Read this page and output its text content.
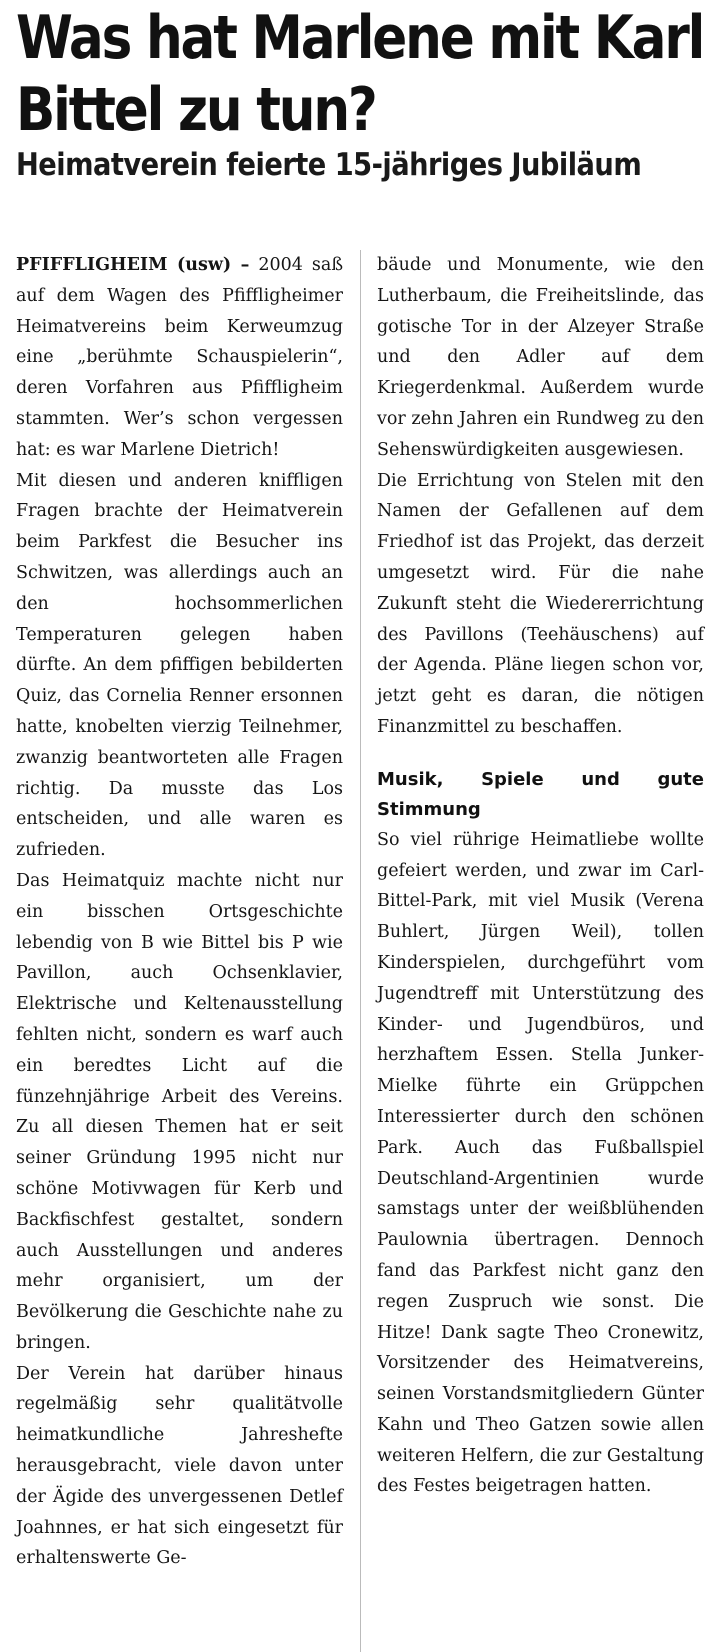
Was hat Marlene mit Karl Bittel zu tun?
Heimatverein feierte 15-jähriges Jubiläum

PFIFFLIGHEIM (usw) – 2004 saß auf dem Wagen des Pfiffligheimer Heimatvereins beim Kerweumzug eine „berühmte Schauspielerin“, deren Vorfahren aus Pfiffligheim stammten. Wer’s schon vergessen hat: es war Marlene Dietrich!

Mit diesen und anderen kniffligen Fragen brachte der Heimatverein beim Parkfest die Besucher ins Schwitzen, was allerdings auch an den hochsommerlichen Temperaturen gelegen haben dürfte. An dem pfiffigen bebilderten Quiz, das Cornelia Renner ersonnen hatte, knobelten vierzig Teilnehmer, zwanzig beantworteten alle Fragen richtig. Da musste das Los entscheiden, und alle waren es zufrieden.

Das Heimatquiz machte nicht nur ein bisschen Ortsgeschichte lebendig von B wie Bittel bis P wie Pavillon, auch Ochsenklavier, Elektrische und Keltenausstellung fehlten nicht, sondern es warf auch ein beredtes Licht auf die fünzehnjährige Arbeit des Vereins. Zu all diesen Themen hat er seit seiner Gründung 1995 nicht nur schöne Motivwagen für Kerb und Backfischfest gestaltet, sondern auch Ausstellungen und anderes mehr organisiert, um der Bevölkerung die Geschichte nahe zu bringen.

Der Verein hat darüber hinaus regelmäßig sehr qualitätvolle heimatkundliche Jahreshefte herausgebracht, viele davon unter der Ägide des unvergessenen Detlef Joahnnes, er hat sich eingesetzt für erhaltenswerte Ge-

bäude und Monumente, wie den Lutherbaum, die Freiheitslinde, das gotische Tor in der Alzeyer Straße und den Adler auf dem Kriegerdenkmal. Außerdem wurde vor zehn Jahren ein Rundweg zu den Sehenswürdigkeiten ausgewiesen.

Die Errichtung von Stelen mit den Namen der Gefallenen auf dem Friedhof ist das Projekt, das derzeit umgesetzt wird. Für die nahe Zukunft steht die Wiedererrichtung des Pavillons (Teehäuschens) auf der Agenda. Pläne liegen schon vor, jetzt geht es daran, die nötigen Finanzmittel zu beschaffen.

Musik, Spiele und gute Stimmung

So viel rührige Heimatliebe wollte gefeiert werden, und zwar im Carl-Bittel-Park, mit viel Musik (Verena Buhlert, Jürgen Weil), tollen Kinderspielen, durchgeführt vom Jugendtreff mit Unterstützung des Kinder- und Jugendbüros, und herzhaftem Essen. Stella Junker-Mielke führte ein Grüppchen Interessierter durch den schönen Park. Auch das Fußballspiel Deutschland-Argentinien wurde samstags unter der weißblühenden Paulownia übertragen. Dennoch fand das Parkfest nicht ganz den regen Zuspruch wie sonst. Die Hitze! Dank sagte Theo Cronewitz, Vorsitzender des Heimatvereins, seinen Vorstandsmitgliedern Günter Kahn und Theo Gatzen sowie allen weiteren Helfern, die zur Gestaltung des Festes beigetragen hatten.
